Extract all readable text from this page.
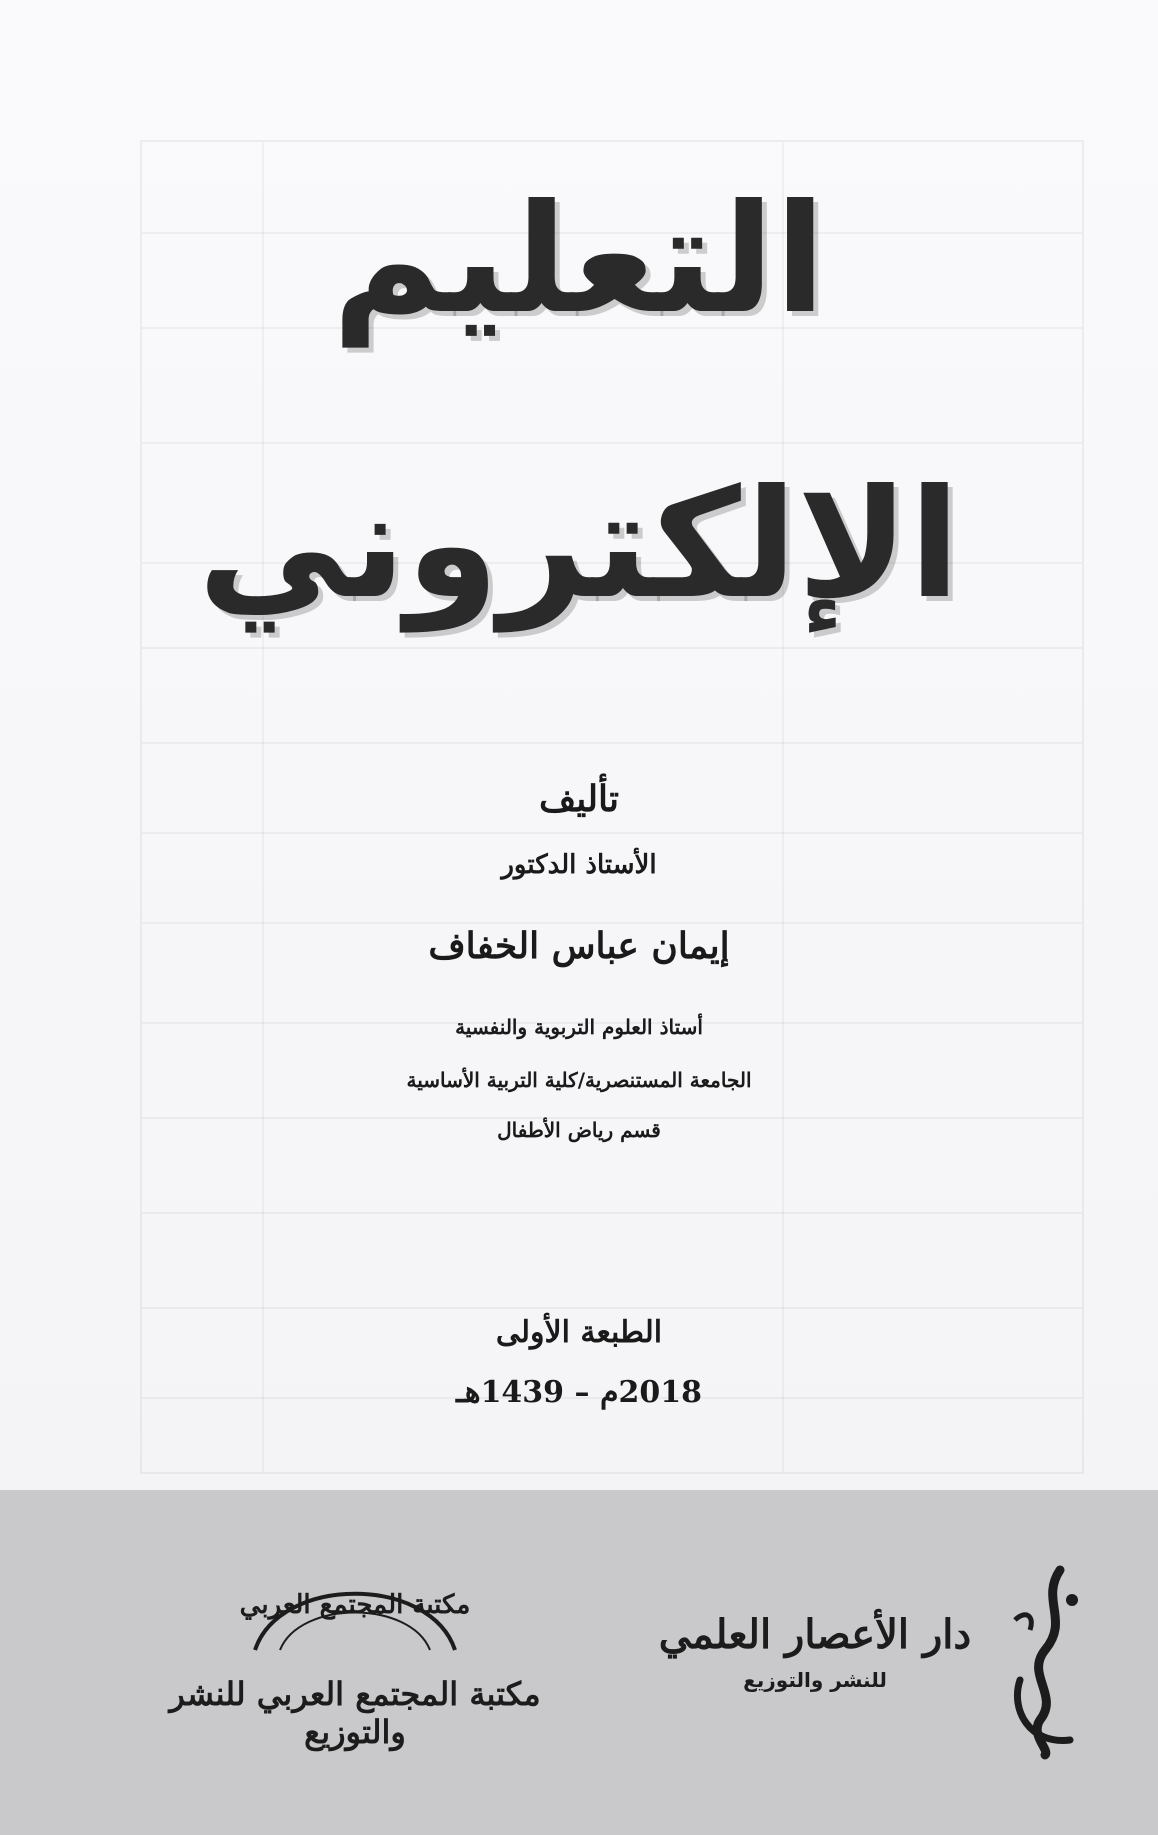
التعليم
الإلكتروني
تأليف
الأستاذ الدكتور
إيمان عباس الخفاف
أستاذ العلوم التربوية والنفسية
الجامعة المستنصرية/كلية التربية الأساسية
قسم رياض الأطفال
الطبعة الأولى
2018م – 1439هـ
دار الأعصار العلمي
للنشر والتوزيع
مكتبة المجتمع العربي
مكتبة المجتمع العربي للنشر والتوزيع
